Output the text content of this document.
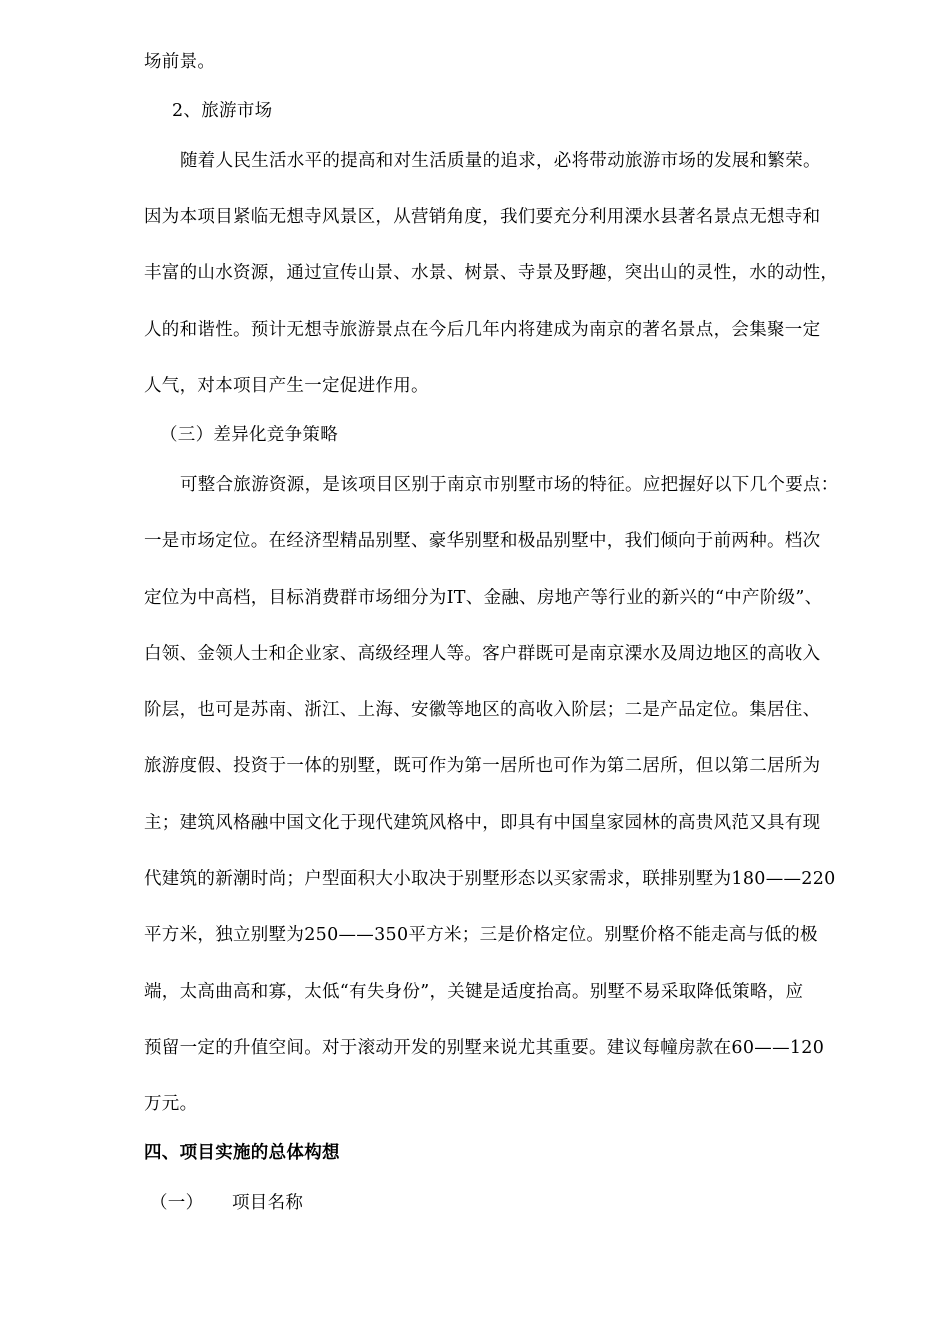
场前景。
2、旅游市场
随着人民生活水平的提高和对生活质量的追求，必将带动旅游市场的发展和繁荣。
因为本项目紧临无想寺风景区，从营销角度，我们要充分利用溧水县著名景点无想寺和
丰富的山水资源，通过宣传山景、水景、树景、寺景及野趣，突出山的灵性，水的动性，
人的和谐性。预计无想寺旅游景点在今后几年内将建成为南京的著名景点，会集聚一定
人气，对本项目产生一定促进作用。
（三）差异化竞争策略
可整合旅游资源，是该项目区别于南京市别墅市场的特征。应把握好以下几个要点：
一是市场定位。在经济型精品别墅、豪华别墅和极品别墅中，我们倾向于前两种。档次
定位为中高档，目标消费群市场细分为IT、金融、房地产等行业的新兴的“中产阶级”、
白领、金领人士和企业家、高级经理人等。客户群既可是南京溧水及周边地区的高收入
阶层，也可是苏南、浙江、上海、安徽等地区的高收入阶层；二是产品定位。集居住、
旅游度假、投资于一体的别墅，既可作为第一居所也可作为第二居所，但以第二居所为
主；建筑风格融中国文化于现代建筑风格中，即具有中国皇家园林的高贵风范又具有现
代建筑的新潮时尚；户型面积大小取决于别墅形态以买家需求，联排别墅为180——220
平方米，独立别墅为250——350平方米；三是价格定位。别墅价格不能走高与低的极
端，太高曲高和寡，太低“有失身份”，关键是适度抬高。别墅不易采取降低策略，应
预留一定的升值空间。对于滚动开发的别墅来说尤其重要。建议每幢房款在60——120
万元。
四、项目实施的总体构想
（一） 项目名称
